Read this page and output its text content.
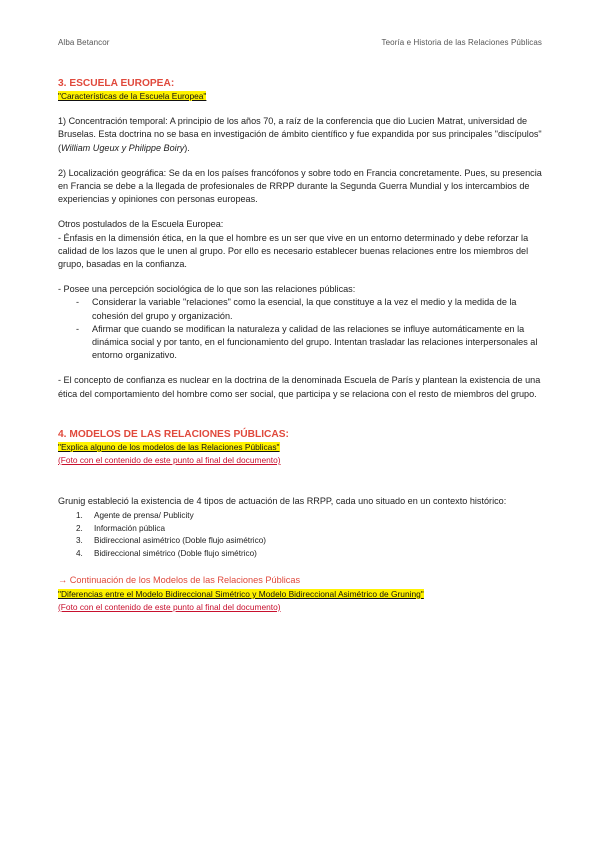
Alba Betancor	Teoría e Historia de las Relaciones Públicas

3. ESCUELA EUROPEA:

"Características de la Escuela Europea"

1) Concentración temporal: A principio de los años 70, a raíz de la conferencia que dio Lucien Matrat, universidad de Bruselas. Esta doctrina no se basa en investigación de ámbito científico y fue expandida por sus principales "discípulos" (William Ugeux y Philippe Boiry).

2) Localización geográfica: Se da en los países francófonos y sobre todo en Francia concretamente. Pues, su presencia en Francia se debe a la llegada de profesionales de RRPP durante la Segunda Guerra Mundial y los intercambios de experiencias y opiniones con personas europeas.

Otros postulados de la Escuela Europea:

- Énfasis en la dimensión ética, en la que el hombre es un ser que vive en un entorno determinado y debe reforzar la calidad de los lazos que le unen al grupo. Por ello es necesario establecer buenas relaciones entre los miembros del grupo, basadas en la confianza.

- Posee una percepción sociológica de lo que son las relaciones públicas:

- Considerar la variable "relaciones" como la esencial, la que constituye a la vez el medio y la medida de la cohesión del grupo y organización.
- Afirmar que cuando se modifican la naturaleza y calidad de las relaciones se influye automáticamente en la dinámica social y por tanto, en el funcionamiento del grupo. Intentan trasladar las relaciones interpersonales al entorno organizativo.

- El concepto de confianza es nuclear en la doctrina de la denominada Escuela de París y plantean la existencia de una ética del comportamiento del hombre como ser social, que participa y se relaciona con el resto de miembros del grupo.

4. MODELOS DE LAS RELACIONES PÚBLICAS:

"Explica alguno de los modelos de las Relaciones Públicas"

(Foto con el contenido de este punto al final del documento)

Grunig estableció la existencia de 4 tipos de actuación de las RRPP, cada uno situado en un contexto histórico:

1. Agente de prensa/ Publicity
2. Información pública
3. Bidireccional asimétrico (Doble flujo asimétrico)
4. Bidireccional simétrico (Doble flujo simétrico)

→ Continuación de los Modelos de las Relaciones Públicas

"Diferencias entre el Modelo Bidireccional Simétrico y Modelo Bidireccional Asimétrico de Gruning"

(Foto con el contenido de este punto al final del documento)
